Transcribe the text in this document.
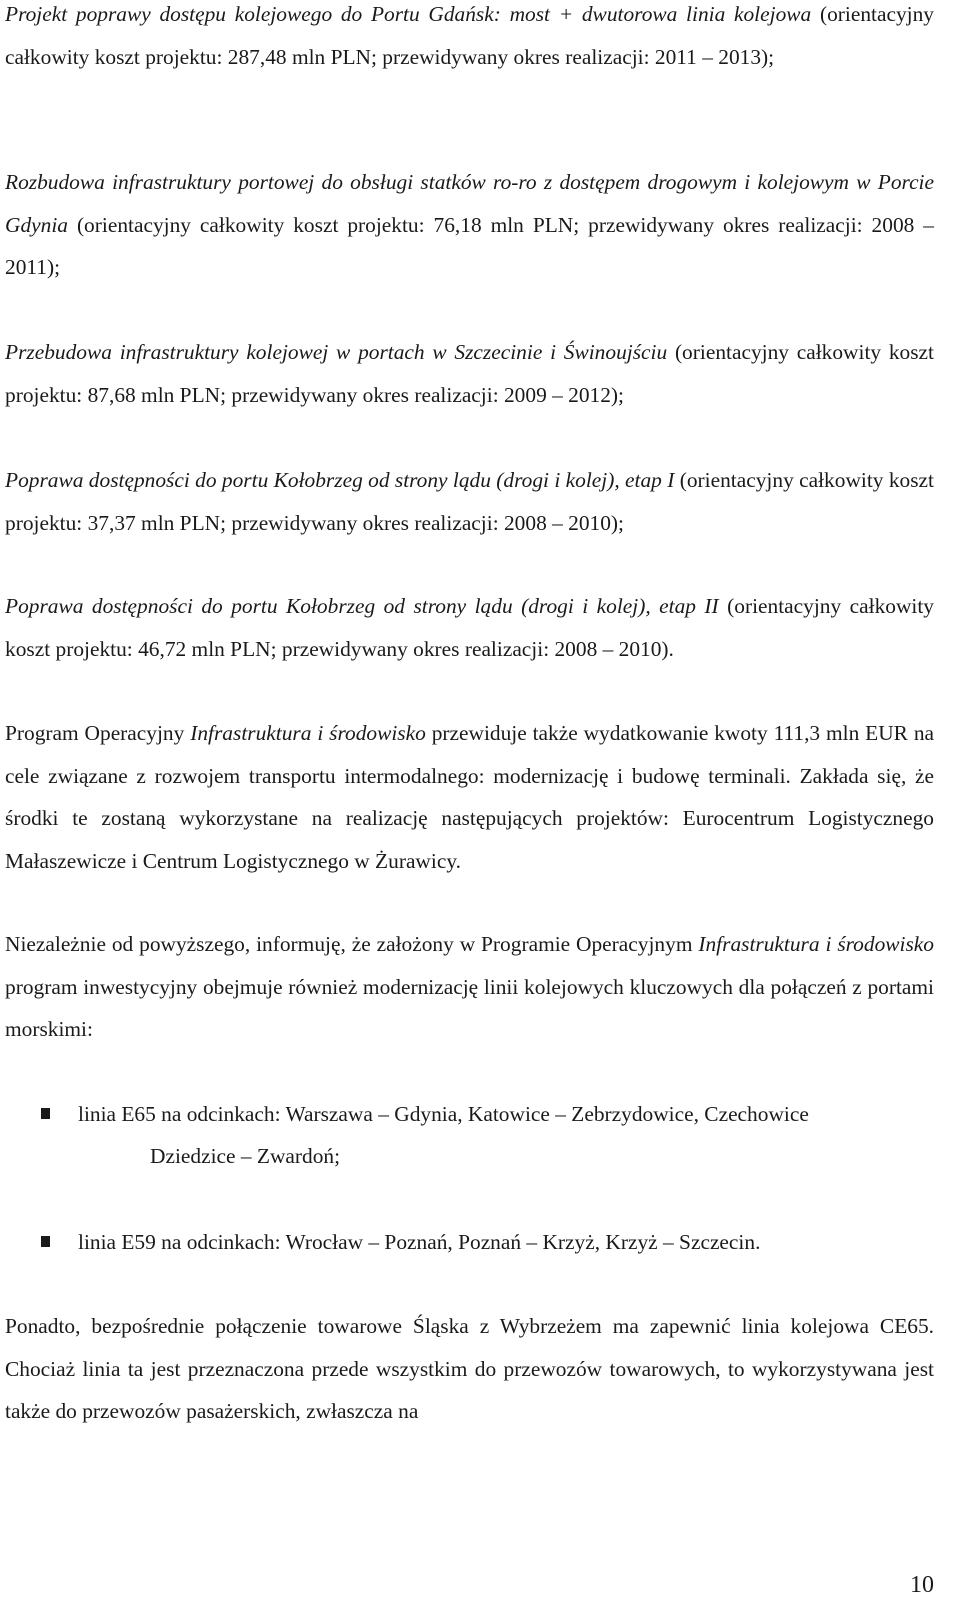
Projekt poprawy dostępu kolejowego do Portu Gdańsk: most + dwutorowa linia kolejowa (orientacyjny całkowity koszt projektu: 287,48 mln PLN; przewidywany okres realizacji: 2011 – 2013);

Rozbudowa infrastruktury portowej do obsługi statków ro-ro z dostępem drogowym i kolejowym w Porcie Gdynia (orientacyjny całkowity koszt projektu: 76,18 mln PLN; przewidywany okres realizacji: 2008 – 2011);

Przebudowa infrastruktury kolejowej w portach w Szczecinie i Świnoujściu (orientacyjny całkowity koszt projektu: 87,68 mln PLN; przewidywany okres realizacji: 2009 – 2012);

Poprawa dostępności do portu Kołobrzeg od strony lądu (drogi i kolej), etap I (orientacyjny całkowity koszt projektu: 37,37 mln PLN; przewidywany okres realizacji: 2008 – 2010);

Poprawa dostępności do portu Kołobrzeg od strony lądu (drogi i kolej), etap II (orientacyjny całkowity koszt projektu: 46,72 mln PLN; przewidywany okres realizacji: 2008 – 2010).

Program Operacyjny Infrastruktura i środowisko przewiduje także wydatkowanie kwoty 111,3 mln EUR na cele związane z rozwojem transportu intermodalnego: modernizację i budowę terminali. Zakłada się, że środki te zostaną wykorzystane na realizację następujących projektów: Eurocentrum Logistycznego Małaszewicze i Centrum Logistycznego w Żurawicy.

Niezależnie od powyższego, informuję, że założony w Programie Operacyjnym Infrastruktura i środowisko program inwestycyjny obejmuje również modernizację linii kolejowych kluczowych dla połączeń z portami morskimi:

linia E65 na odcinkach: Warszawa – Gdynia, Katowice – Zebrzydowice, Czechowice
Dziedzice – Zwardoń;
linia E59 na odcinkach: Wrocław – Poznań, Poznań – Krzyż, Krzyż – Szczecin.

Ponadto, bezpośrednie połączenie towarowe Śląska z Wybrzeżem ma zapewnić linia kolejowa CE65. Chociaż linia ta jest przeznaczona przede wszystkim do przewozów towarowych, to wykorzystywana jest także do przewozów pasażerskich, zwłaszcza na

10
